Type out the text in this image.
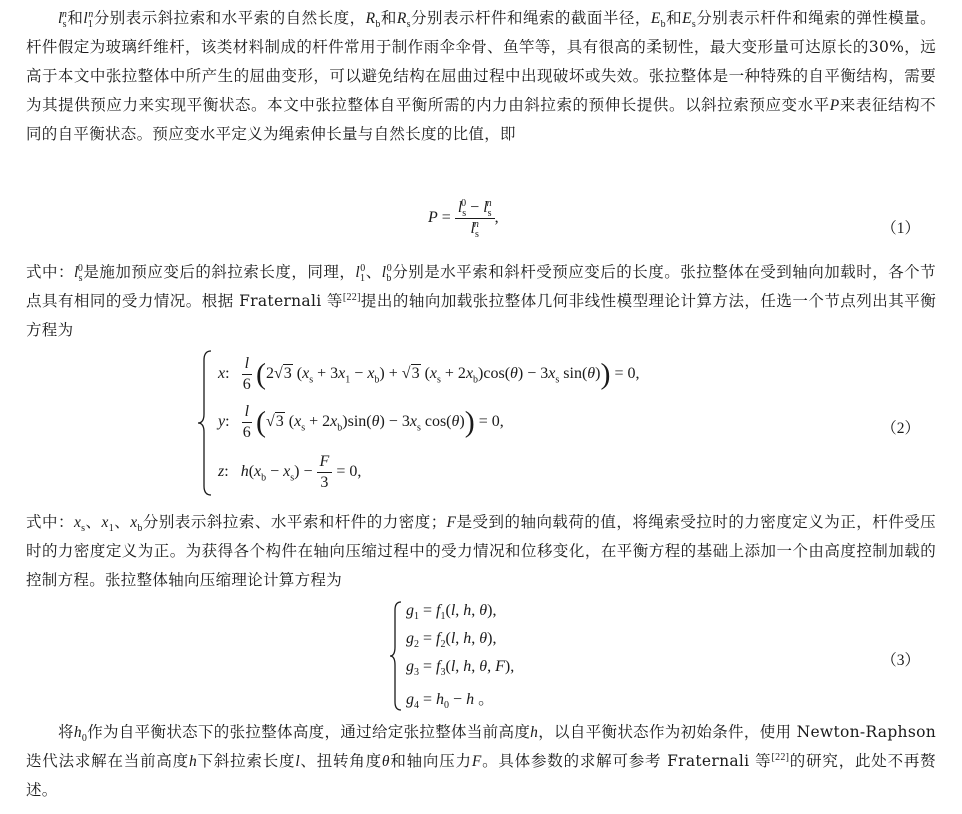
$l_s^n$和$l_1^n$分别表示斜拉索和水平索的自然长度，$R_b$和$R_s$分别表示杆件和绳索的截面半径，$E_b$和$E_s$分别表示杆件和绳索的弹性模量。杆件假定为玻璃纤维杆，该类材料制成的杆件常用于制作雨伞伞骨、鱼竿等，具有很高的柔韧性，最大变形量可达原长的30%，远高于本文中张拉整体中所产生的屈曲变形，可以避免结构在屈曲过程中出现破坏或失效。张拉整体是一种特殊的自平衡结构，需要为其提供预应力来实现平衡状态。本文中张拉整体自平衡所需的内力由斜拉索的预伸长提供。以斜拉索预应变水平P来表征结构不同的自平衡状态。预应变水平定义为绳索伸长量与自然长度的比值，即
$P = \frac{l_s^0 - l_s^n}{l_s^n}$ ,
（1）
式中：$l_s^0$是施加预应变后的斜拉索长度，同理，$l_1^0$、$l_b^0$分别是水平索和斜杆受预应变后的长度。张拉整体在受到轴向加载时，各个节点具有相同的受力情况。根据 Fraternali 等[22]提出的轴向加载张拉整体几何非线性模型理论计算方法，任选一个节点列出其平衡方程为
x: $\frac{l}{6} (2√3$ $(x_s + 3x_1 - x_b) + √3$ $(x_s + 2x_b)\cos(\theta) - 3x_s$ sin(θ)) = 0,
y: $\frac{l}{6} (√3$ $(x_s + 2x_b)\sin(\theta) - 3x_s$ cos(θ)) = 0,
z:   $h(x_b - x_s) - \frac{F}{3} = 0$,
（2）
式中：$x_s$、$x_1$、$x_b$分别表示斜拉索、水平索和杆件的力密度；F是受到的轴向载荷的值，将绳索受拉时的力密度定义为正，杆件受压时的力密度定义为正。为获得各个构件在轴向压缩过程中的受力情况和位移变化，在平衡方程的基础上添加一个由高度控制加载的控制方程。张拉整体轴向压缩理论计算方程为
$g_1 = f_1(l$, h, θ),
$g_2 = f_2(l$, h, θ),
$g_3 = f_3(l$, h, θ, F),
$g_4 = h_0 - h$ 。
（3）
将$h_0$作为自平衡状态下的张拉整体高度，通过给定张拉整体当前高度h，以自平衡状态作为初始条件，使用 Newton-Raphson 迭代法求解在当前高度h下斜拉索长度l、扭转角度θ和轴向压力F。具体参数的求解可参考 Fraternali 等[22]的研究，此处不再赘述。
